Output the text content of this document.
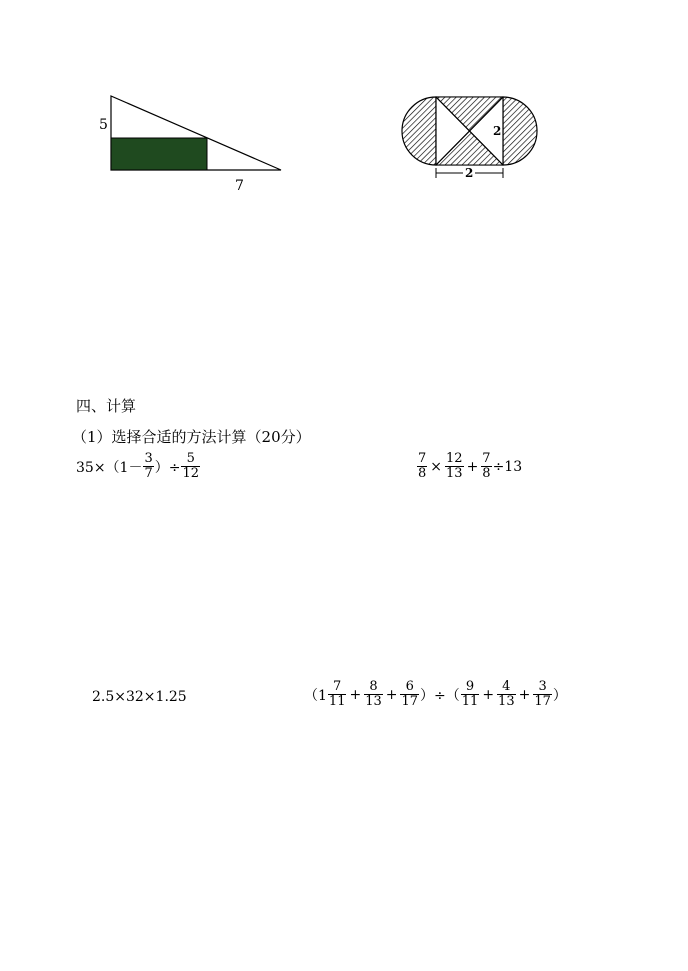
5
7
2
2
四、计算
（1）选择合适的方法计算（20分）
$35\times(1- \frac{3}{7}$ ）÷ $\frac{5}{12}$	$\frac{7}{8} \times \frac{12}{13} + \frac{7}{8} \div 13$
2.5×32×1.25	（$1 \frac{7}{11} + \frac{8}{13} + \frac{6}{17}$ ）÷（ $\frac{9}{11} + \frac{4}{13} + \frac{3}{17}$ ）
